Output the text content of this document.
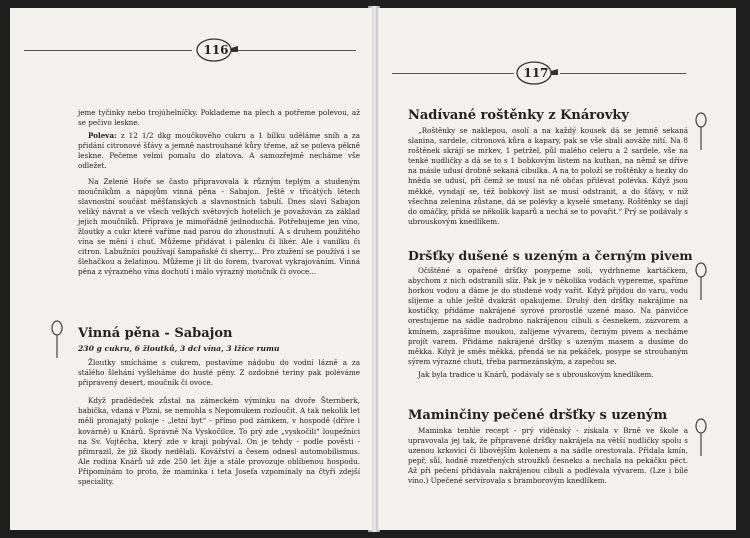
116

jeme tyčinky nebo trojúhelníčky. Poklademe na plech a potřeme polevou, až se pečivo leskne.

Poleva: z 12 1/2 dkg moučkového cukru a 1 bílku uděláme sníh a za přidání citronové šťávy a jemně nastrouhané kůry třeme, až se poleva pěkně leskne. Pečeme velmi pomalu do zlatova. A samozřejmě necháme vše odležet.

Na Zelené Hoře se často připravovala k různým teplým a studeným moučníkům a nápojům vinná pěna - Sabajon. Ještě v třicátých létech slavnostní součást měšťanských a slavnostních tabulí. Dnes slaví Sabajon veliký návrat a ve všech velkých světových hotelích je považován za základ jejich moučníků. Příprava je mimořádně jednoduchá. Potřebujeme jen víno, žloutky a cukr které vaříme nad parou do zhoustnutí. A s druhem použitého vína se mění i chuť. Můžeme přidávat i pálenku či likér. Ale i vanilku či citron. Labužníci používají šampaňské či sherry... Pro ztužení se používá i se šlehačkou a želatinou. Můžeme ji lít do forem, tvarovat vykrajováním. Vinná pěna z výrazného vína dochutí i málo výrazný moučník či ovoce...

Vinná pěna - Sabajon
230 g cukru, 6 žloutků, 3 dcl vína, 3 lžíce rumu

Žloutky smícháme s cukrem, postavíme nádobu do vodní lázně a za stálého šlehání vyšleháme do husté pěny. Z ozdobné teriny pak poléváme připravený desert, moučník či ovoce.

Když pradědeček zůstal na zámeckém výminku na dvoře Šternberk, babička, vdaná v Plzni, se nemohla s Nepomukem rozloučit. A tak nekolik let měli pronajatý pokoje - „letní byt“ - přímo pod zámkem, v hospodě (dříve i kovárně) u Knárů. Správně Na Vyskočilce. To prý zde „vyskočili“ loupežníci na Sv. Vojtěcha, který zde v kraji pobýval. On je tehdy - podle pověsti - přimrazil, že již škody nedělali. Kovářství a česem odnesl automobilismus. Ale rodina Knárů už zde 250 let žije a stále provozuje oblíbenou hospodu. Připomínám to proto, že maminka i teta Josefa vzpomínaly na čtyři zdejší speciality.

117
Nadívané roštěnky z Knárovky

„Roštěnky se naklepou, osolí a na každý kousek dá se jemně sekaná slanina, sardele, citronová kůra a kapary, pak se vše sbalí aováže nití. Na 8 roštěnek skrájí se mrkev, 1 petržel, půl malého celeru a 2 sardele, vše na tenké nudličky a dá se to s 1 bobkovým listem na kuthan, na němž se dříve na másle udusí drobně sekaná cibulka. A na to položí se roštěnky a hezky do hněda se udusí, při čemž se musí na ně občas přilévat polévka. Když jsou měkké, vyndají se, též bobkový list se musí odstranit, a do šťávy, v níž všechna zelenina zůstane, dá se polévky a kyselé smetany. Roštěnky se dají do omáčky, přidá se několik kaparů a nechá se to povařit.“ Prý se podávaly s ubrouskovým knedlíkem.

Dršťky dušené s uzeným a černým pivem

Očištěné a opařené dršťky posypeme solí, vydrhneme kartáčkem, abychom z nich odstranili slíz. Pak je v několika vodách vypereme, spaříme horkou vodou a dáme je do studené vody vařit. Když přijdou do varu, vodu slijeme a uhle ještě dvakrát opakujeme. Druhý den dršťky nakrájíme na kostičky, přidáme nakrájené syrové prorostlé uzené maso. Na pánvičce orestujeme na sádle nadrobno nakrájenou cibuli s česnekem, zázvorem a kmínem, zaprášíme moukou, zalijeme vývarem, černým pivem a necháme projít varem. Přidáme nakrájené dršťky s uzeným masem a dusíme do měkka. Když je směs měkká, přendá se na pekáček, posype se strouhaným sýrem výrazné chuti, třeba parmezánským, a zapečou se.

Jak byla tradice u Knárů, podávaly se s ubrouskovým knedlíkem.

Maminčiny pečené dršťky s uzeným

Maminka tenhle recept - prý viděnský - získala v Brně ve škole a upravovala jej tak, že připravené dršťky nakrájela na větší nudličky spolu s uzenou krkovicí či libovějším kolenem a na sádle orestovala. Přidala kmín, pepř, sůl, hodně rozetřených stroužků česneku a nechala na pekáčku péct. Až při pečení přidávala nakrájenou cibuli a podlévala vývarem. (Lze i bílé víno.) Upečené servírovala s bramborovým knedlíkem.
